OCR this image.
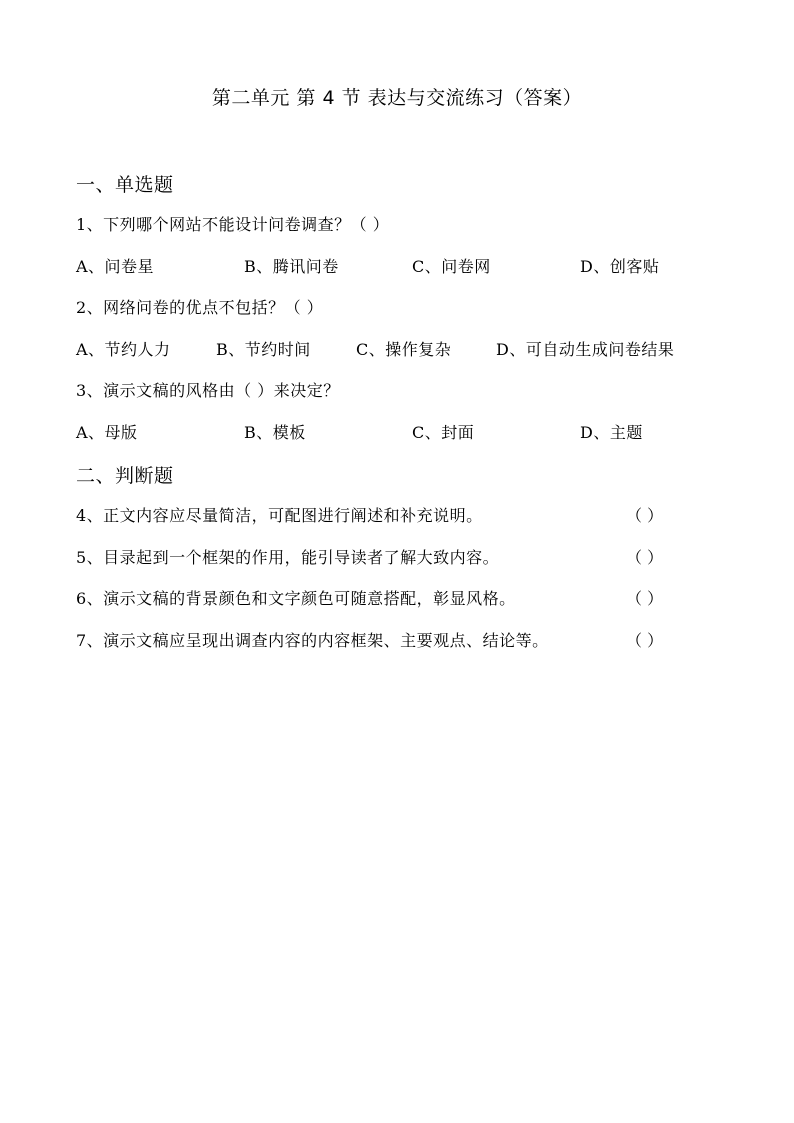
第二单元 第 4 节 表达与交流练习（答案）
一、单选题
1、下列哪个网站不能设计问卷调查？（ ）
A、问卷星	B、腾讯问卷	C、问卷网	D、创客贴
2、网络问卷的优点不包括？（ ）
A、节约人力	B、节约时间	C、操作复杂	D、可自动生成问卷结果
3、演示文稿的风格由（ ）来决定？
A、母版	B、模板	C、封面	D、主题
二、判断题
4、正文内容应尽量简洁，可配图进行阐述和补充说明。	（ ）
5、目录起到一个框架的作用，能引导读者了解大致内容。	（ ）
6、演示文稿的背景颜色和文字颜色可随意搭配，彰显风格。	（ ）
7、演示文稿应呈现出调查内容的内容框架、主要观点、结论等。	（ ）
